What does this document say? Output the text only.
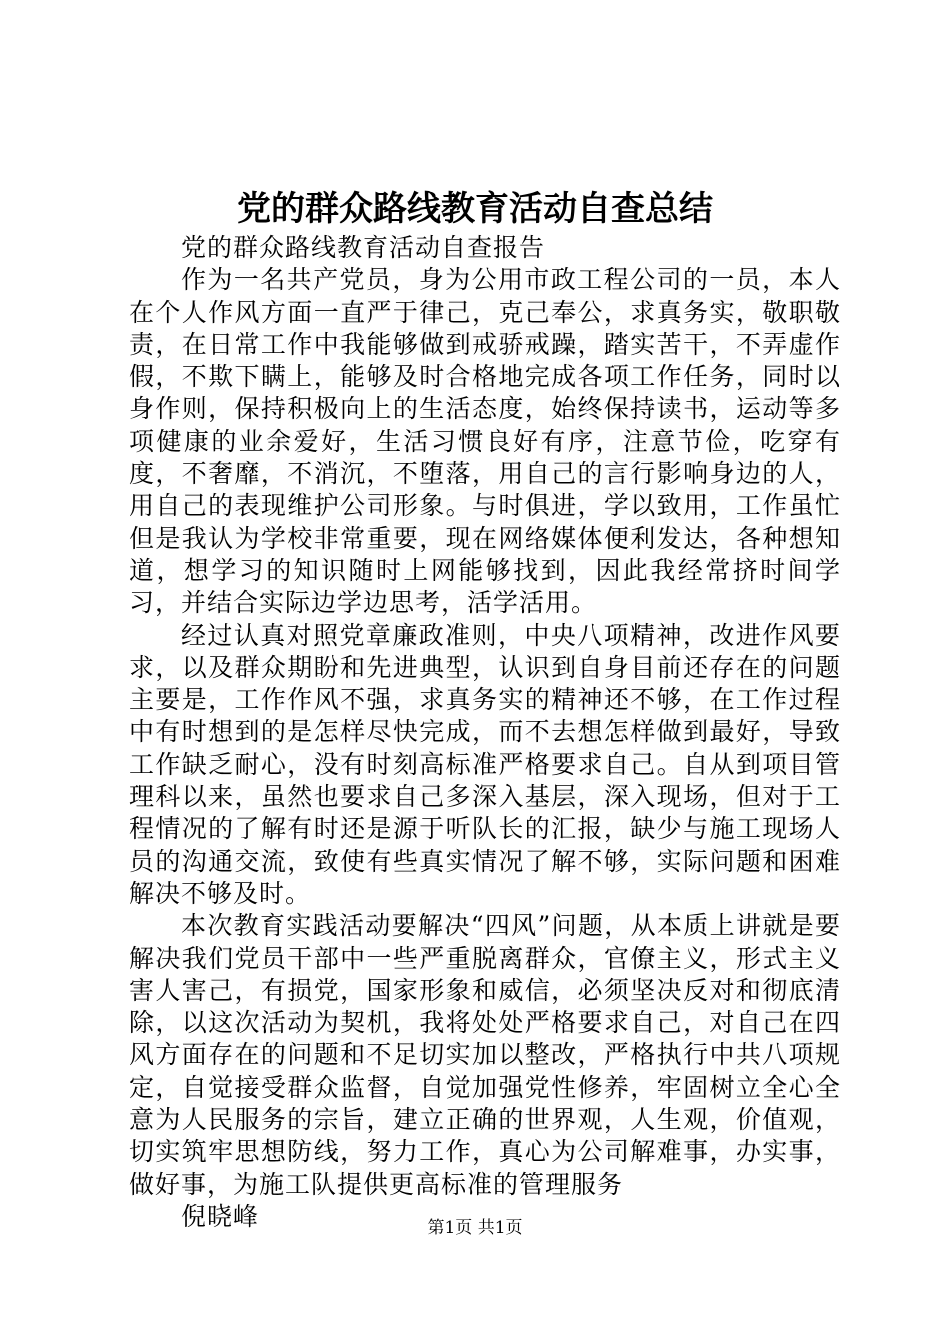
党的群众路线教育活动自查总结

党的群众路线教育活动自查报告

作为一名共产党员，身为公用市政工程公司的一员，本人在个人作风方面一直严于律己，克己奉公，求真务实，敬职敬责，在日常工作中我能够做到戒骄戒躁，踏实苦干，不弄虚作假，不欺下瞒上，能够及时合格地完成各项工作任务，同时以身作则，保持积极向上的生活态度，始终保持读书，运动等多项健康的业余爱好，生活习惯良好有序，注意节俭，吃穿有度，不奢靡，不消沉，不堕落，用自己的言行影响身边的人，用自己的表现维护公司形象。与时俱进，学以致用，工作虽忙但是我认为学校非常重要，现在网络媒体便利发达，各种想知道，想学习的知识随时上网能够找到，因此我经常挤时间学习，并结合实际边学边思考，活学活用。

经过认真对照党章廉政准则，中央八项精神，改进作风要求，以及群众期盼和先进典型，认识到自身目前还存在的问题主要是，工作作风不强，求真务实的精神还不够，在工作过程中有时想到的是怎样尽快完成，而不去想怎样做到最好，导致工作缺乏耐心，没有时刻高标准严格要求自己。自从到项目管理科以来，虽然也要求自己多深入基层，深入现场，但对于工程情况的了解有时还是源于听队长的汇报，缺少与施工现场人员的沟通交流，致使有些真实情况了解不够，实际问题和困难解决不够及时。

本次教育实践活动要解决“四风”问题，从本质上讲就是要解决我们党员干部中一些严重脱离群众，官僚主义，形式主义害人害己，有损党，国家形象和威信，必须坚决反对和彻底清除，以这次活动为契机，我将处处严格要求自己，对自己在四风方面存在的问题和不足切实加以整改，严格执行中共八项规定，自觉接受群众监督，自觉加强党性修养，牢固树立全心全意为人民服务的宗旨，建立正确的世界观，人生观，价值观，切实筑牢思想防线，努力工作，真心为公司解难事，办实事，做好事，为施工队提供更高标准的管理服务

倪晓峰	第1页 共1页
